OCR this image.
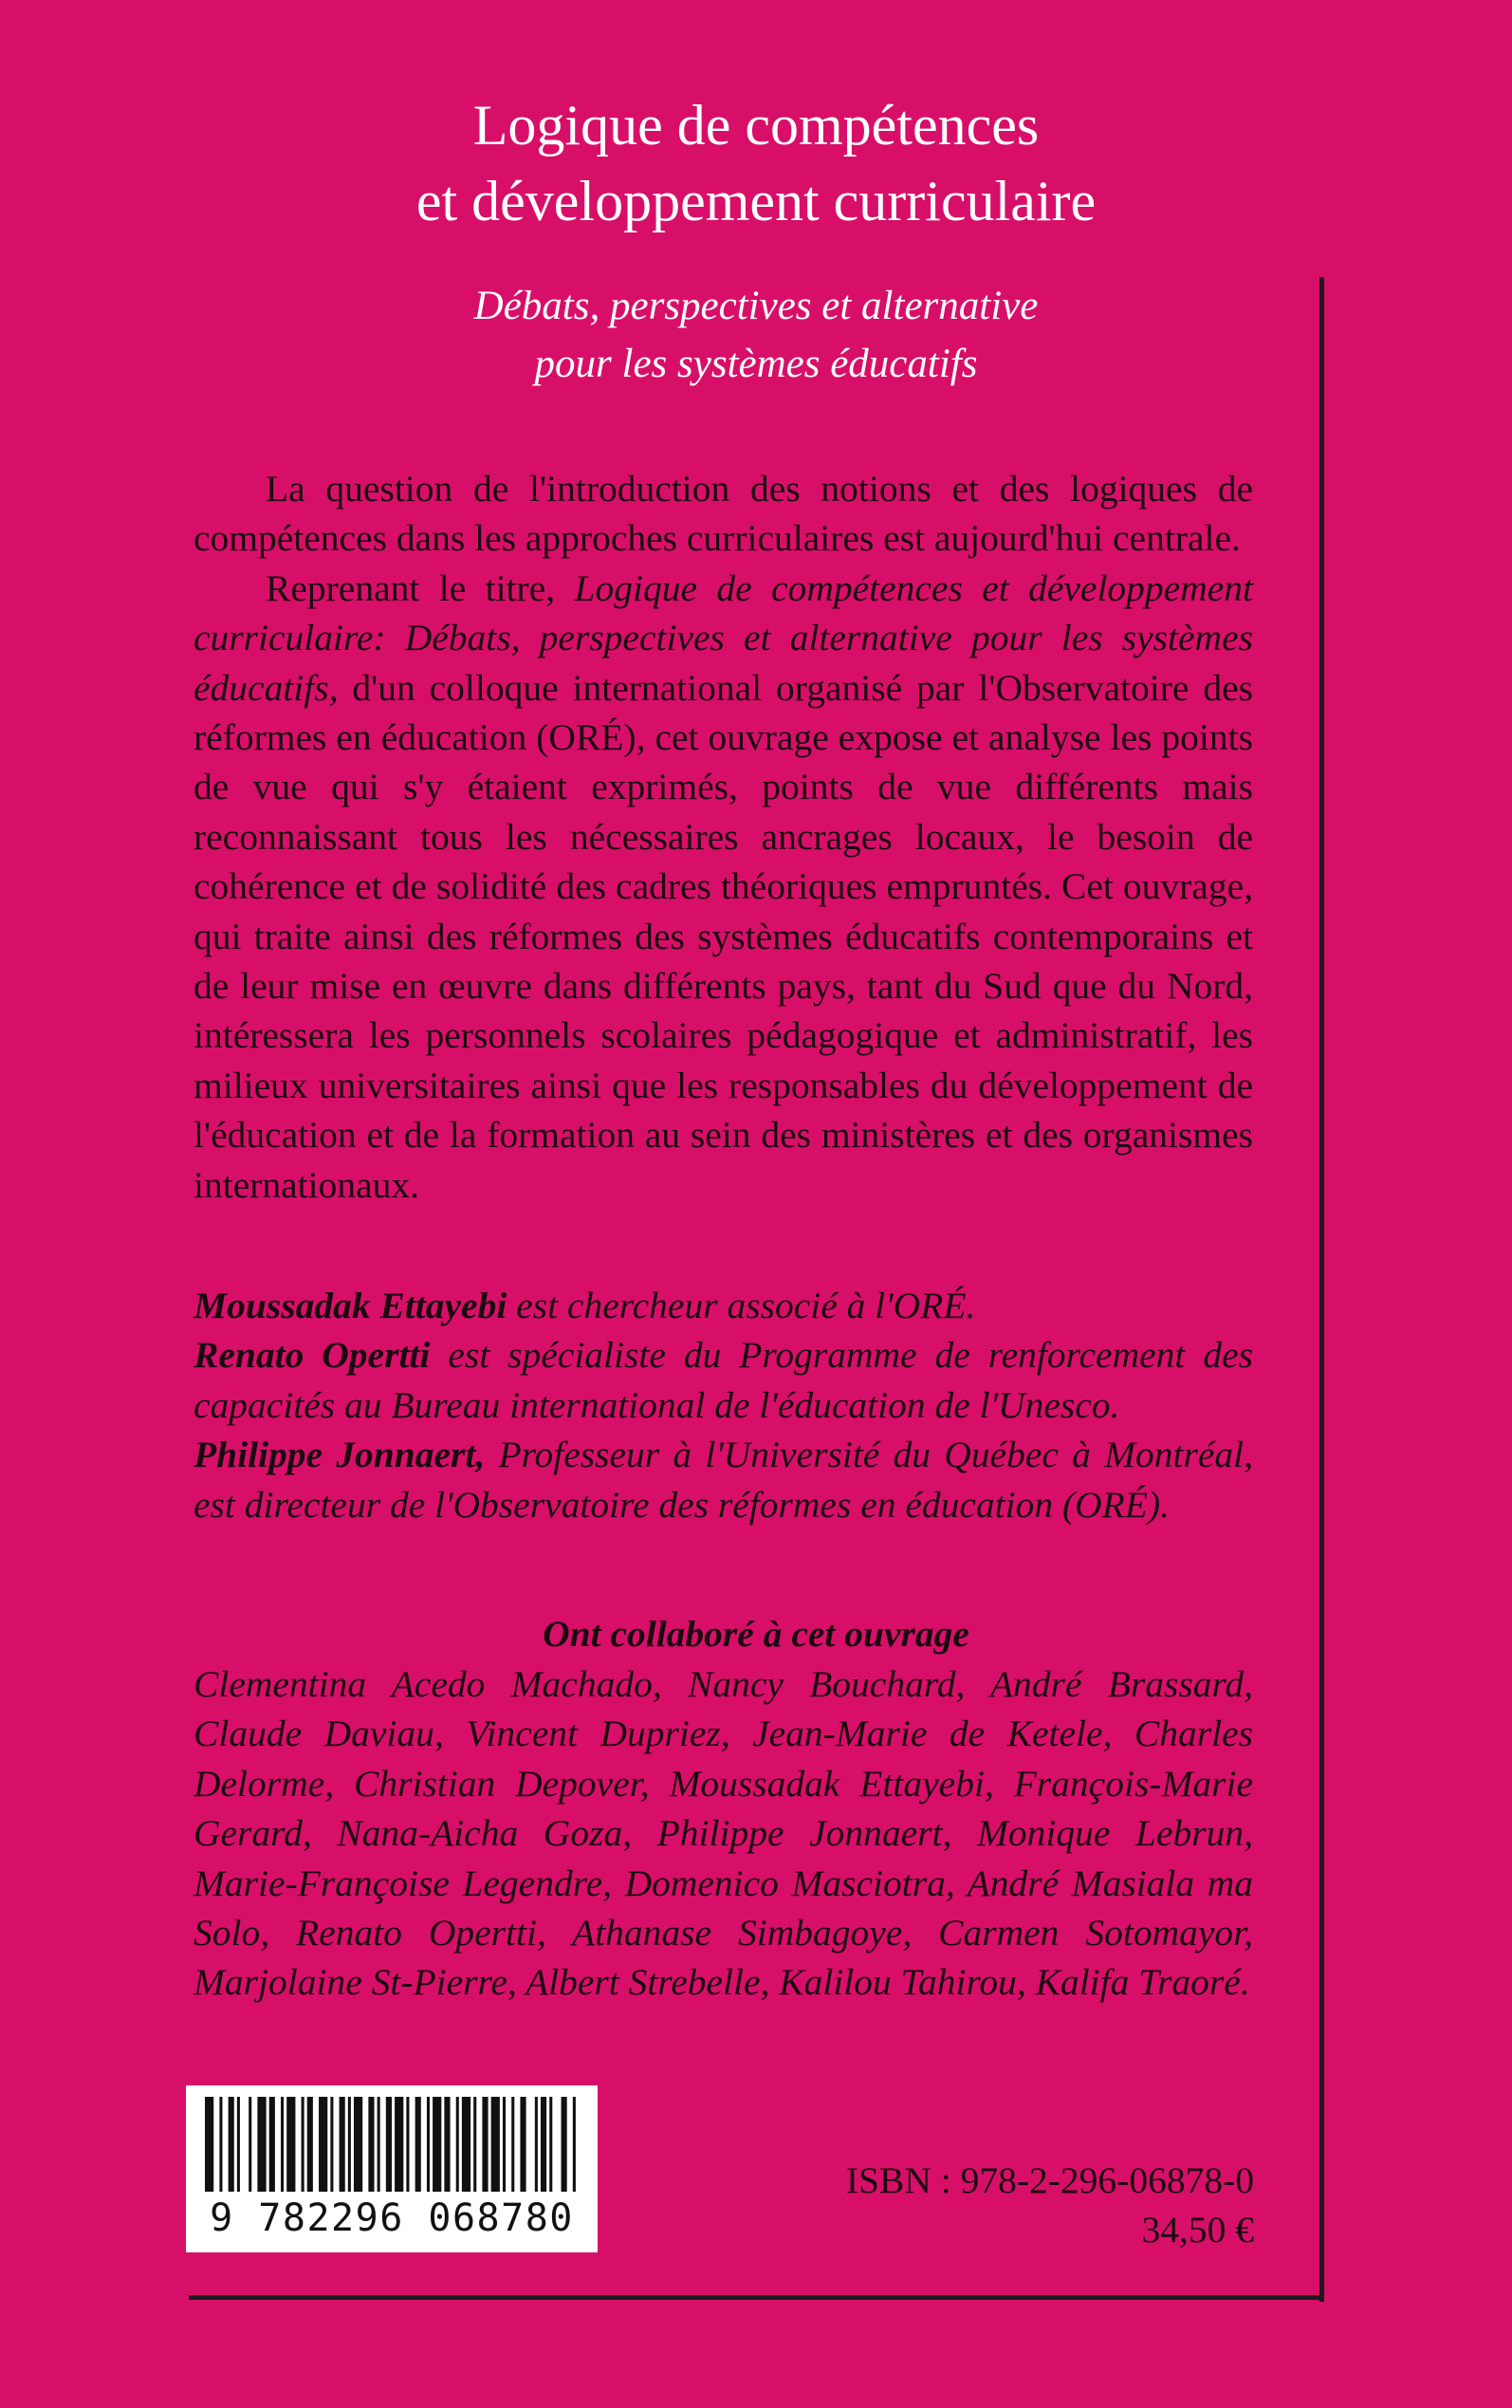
Logique de compétences
et développement curriculaire
Débats, perspectives et alternative
pour les systèmes éducatifs

La question de l'introduction des notions et des logiques de compétences dans les approches curriculaires est aujourd'hui centrale.

Reprenant le titre, Logique de compétences et développement curriculaire: Débats, perspectives et alternative pour les systèmes éducatifs, d'un colloque international organisé par l'Observatoire des réformes en éducation (ORÉ), cet ouvrage expose et analyse les points de vue qui s'y étaient exprimés, points de vue différents mais reconnaissant tous les nécessaires ancrages locaux, le besoin de cohérence et de solidité des cadres théoriques empruntés. Cet ouvrage, qui traite ainsi des réformes des systèmes éducatifs contemporains et de leur mise en œuvre dans différents pays, tant du Sud que du Nord, intéressera les personnels scolaires pédagogique et administratif, les milieux universitaires ainsi que les responsables du développement de l'éducation et de la formation au sein des ministères et des organismes internationaux.

Moussadak Ettayebi est chercheur associé à l'ORÉ.

Renato Opertti est spécialiste du Programme de renforcement des capacités au Bureau international de l'éducation de l'Unesco.

Philippe Jonnaert, Professeur à l'Université du Québec à Montréal, est directeur de l'Observatoire des réformes en éducation (ORÉ).

Ont collaboré à cet ouvrage
Clementina Acedo Machado, Nancy Bouchard, André Brassard, Claude Daviau, Vincent Dupriez, Jean-Marie de Ketele, Charles Delorme, Christian Depover, Moussadak Ettayebi, François-Marie Gerard, Nana-Aicha Goza, Philippe Jonnaert, Monique Lebrun, Marie-Françoise Legendre, Domenico Masciotra, André Masiala ma Solo, Renato Opertti, Athanase Simbagoye, Carmen Sotomayor, Marjolaine St-Pierre, Albert Strebelle, Kalilou Tahirou, Kalifa Traoré.
9 782296 068780
ISBN : 978-2-296-06878-0
34,50 €
